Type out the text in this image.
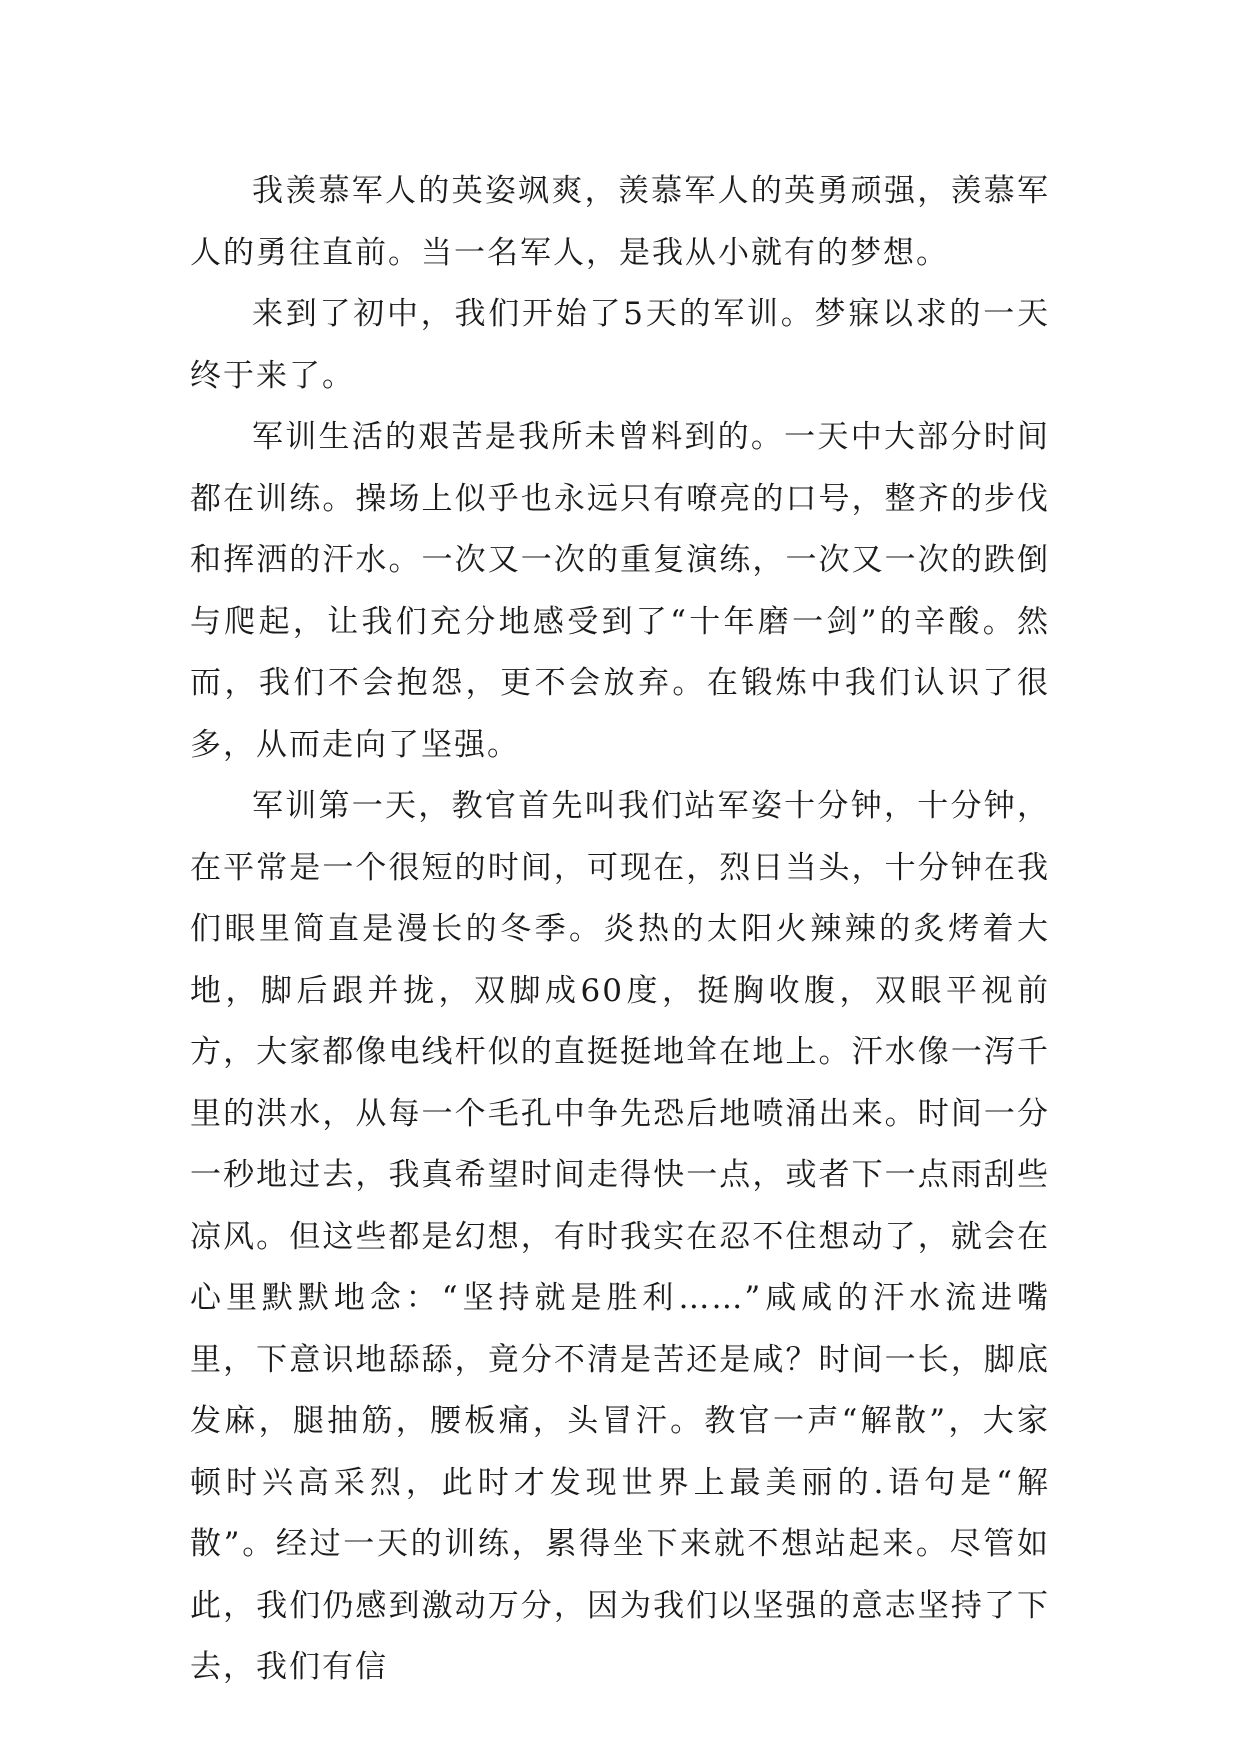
我羡慕军人的英姿飒爽，羡慕军人的英勇顽强，羡慕军人的勇往直前。当一名军人，是我从小就有的梦想。

来到了初中，我们开始了5天的军训。梦寐以求的一天终于来了。

军训生活的艰苦是我所未曾料到的。一天中大部分时间都在训练。操场上似乎也永远只有嘹亮的口号，整齐的步伐和挥洒的汗水。一次又一次的重复演练，一次又一次的跌倒与爬起，让我们充分地感受到了“十年磨一剑”的辛酸。然而，我们不会抱怨，更不会放弃。在锻炼中我们认识了很多，从而走向了坚强。

军训第一天，教官首先叫我们站军姿十分钟，十分钟，在平常是一个很短的时间，可现在，烈日当头，十分钟在我们眼里简直是漫长的冬季。炎热的太阳火辣辣的炙烤着大地，脚后跟并拢，双脚成60度，挺胸收腹，双眼平视前方，大家都像电线杆似的直挺挺地耸在地上。汗水像一泻千里的洪水，从每一个毛孔中争先恐后地喷涌出来。时间一分一秒地过去，我真希望时间走得快一点，或者下一点雨刮些凉风。但这些都是幻想，有时我实在忍不住想动了，就会在心里默默地念：“坚持就是胜利……”咸咸的汗水流进嘴里，下意识地舔舔，竟分不清是苦还是咸？时间一长，脚底发麻，腿抽筋，腰板痛，头冒汗。教官一声“解散”，大家顿时兴高采烈，此时才发现世界上最美丽的.语句是“解散”。经过一天的训练，累得坐下来就不想站起来。尽管如此，我们仍感到激动万分，因为我们以坚强的意志坚持了下去，我们有信
